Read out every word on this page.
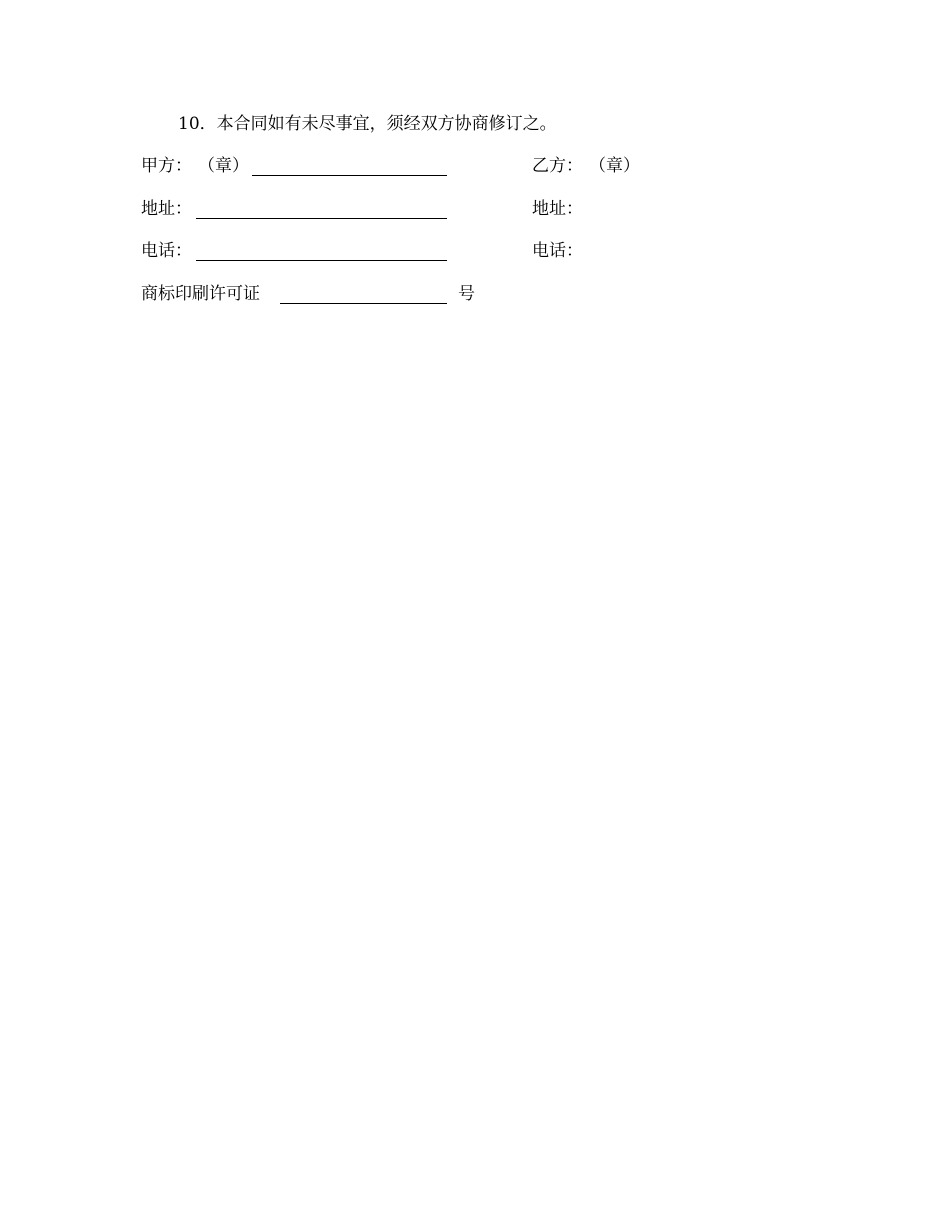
10．本合同如有未尽事宜，须经双方协商修订之。
甲方： （章）	乙方： （章）
地址：	地址：
电话：	电话：
商标印刷许可证	号
